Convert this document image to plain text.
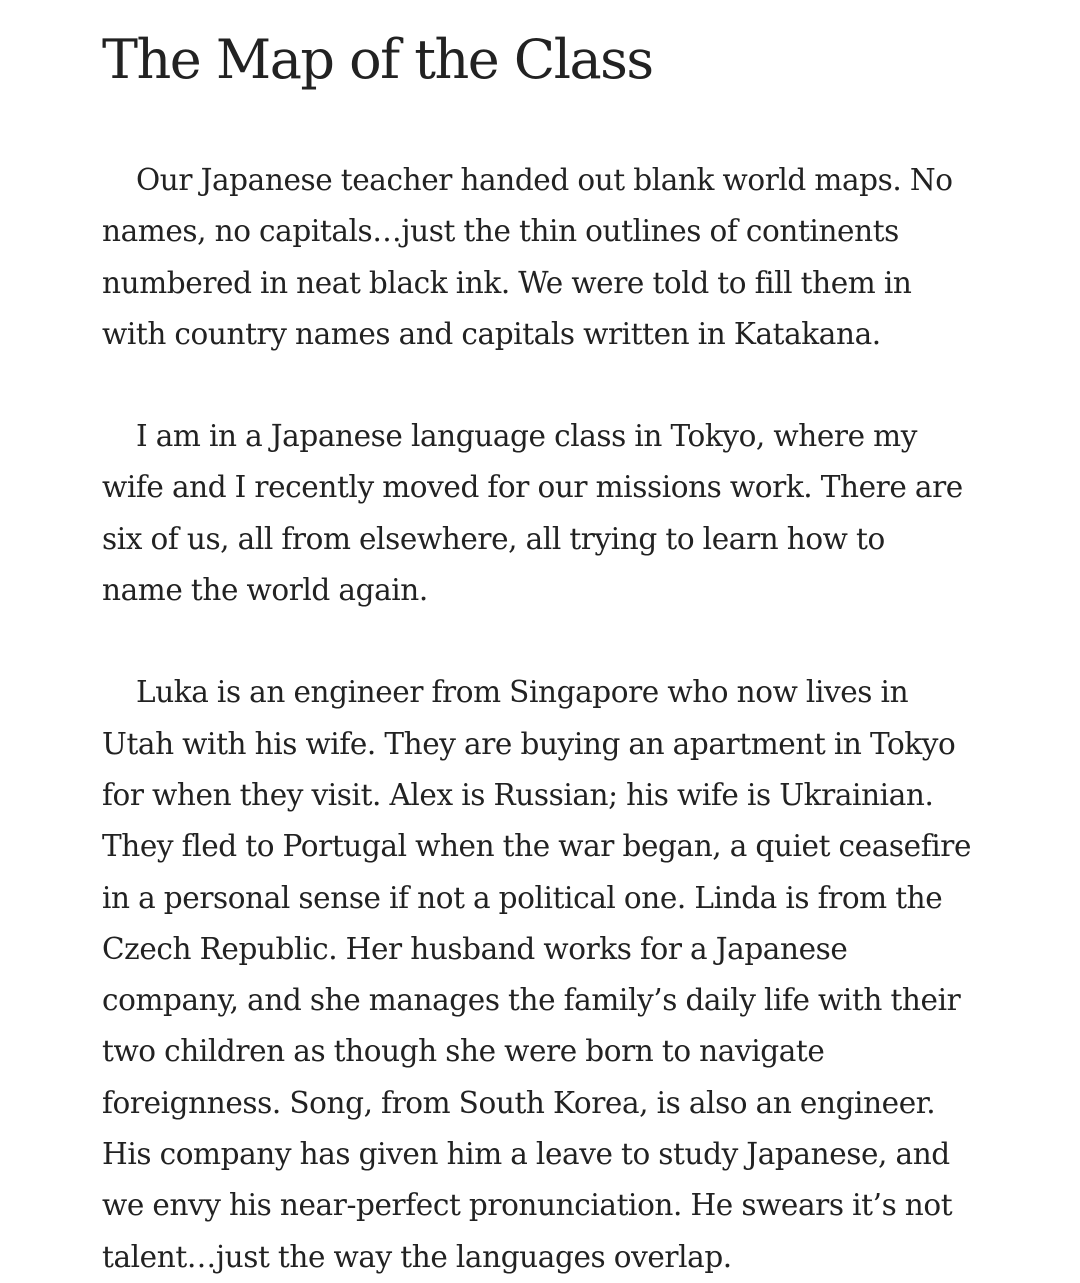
The Map of the Class

Our Japanese teacher handed out blank world maps. No names, no capitals…just the thin outlines of continents numbered in neat black ink. We were told to fill them in with country names and capitals written in Katakana.

I am in a Japanese language class in Tokyo, where my wife and I recently moved for our missions work. There are six of us, all from elsewhere, all trying to learn how to name the world again.

Luka is an engineer from Singapore who now lives in Utah with his wife. They are buying an apartment in Tokyo for when they visit. Alex is Russian; his wife is Ukrainian. They fled to Portugal when the war began, a quiet ceasefire in a personal sense if not a political one. Linda is from the Czech Republic. Her husband works for a Japanese company, and she manages the family’s daily life with their two children as though she were born to navigate foreignness. Song, from South Korea, is also an engineer. His company has given him a leave to study Japanese, and we envy his near-perfect pronunciation. He swears it’s not talent…just the way the languages overlap.
